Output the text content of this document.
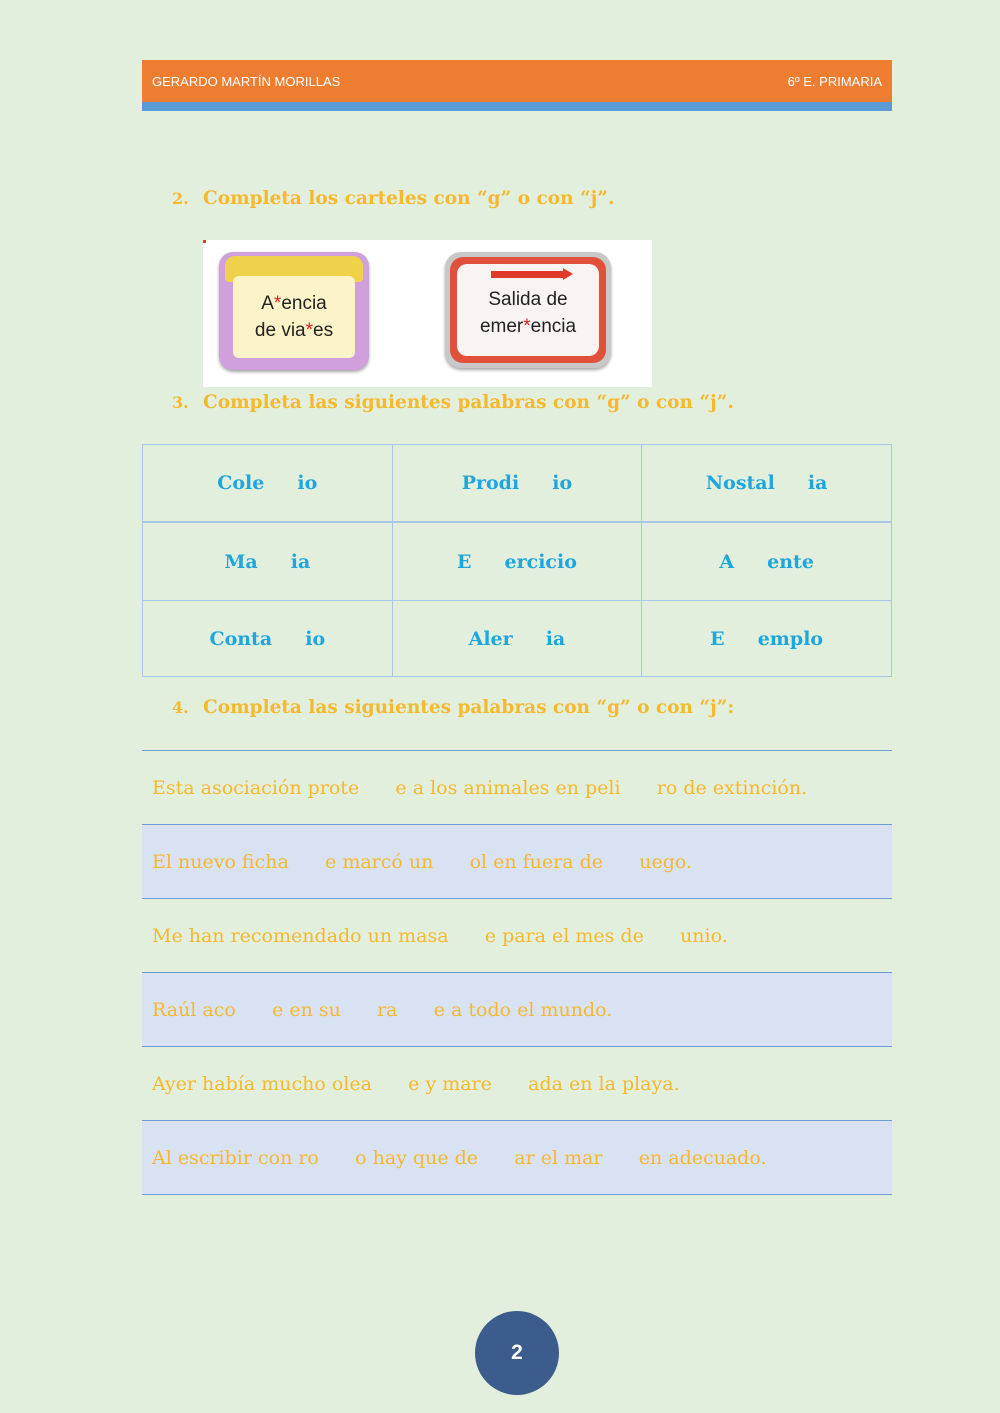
GERARDO MARTÍN MORILLAS	6º E. PRIMARIA
2. Completa los carteles con “g” o con “j”.
A*encia
de via*es
Salida de
emer*encia
3. Completa las siguientes palabras con “g” o con “j”.
Cole     io	Prodi     io	Nostal     ia
Ma     ia	E     ercicio	A     ente
Conta     io	Aler     ia	E     emplo
4. Completa las siguientes palabras con “g” o con “j”:
Esta asociación prote      e a los animales en peli      ro de extinción.
El nuevo ficha      e marcó un      ol en fuera de      uego.
Me han recomendado un masa      e para el mes de      unio.
Raúl aco      e en su      ra      e a todo el mundo.
Ayer había mucho olea      e y mare      ada en la playa.
Al escribir con ro      o hay que de      ar el mar      en adecuado.
2
